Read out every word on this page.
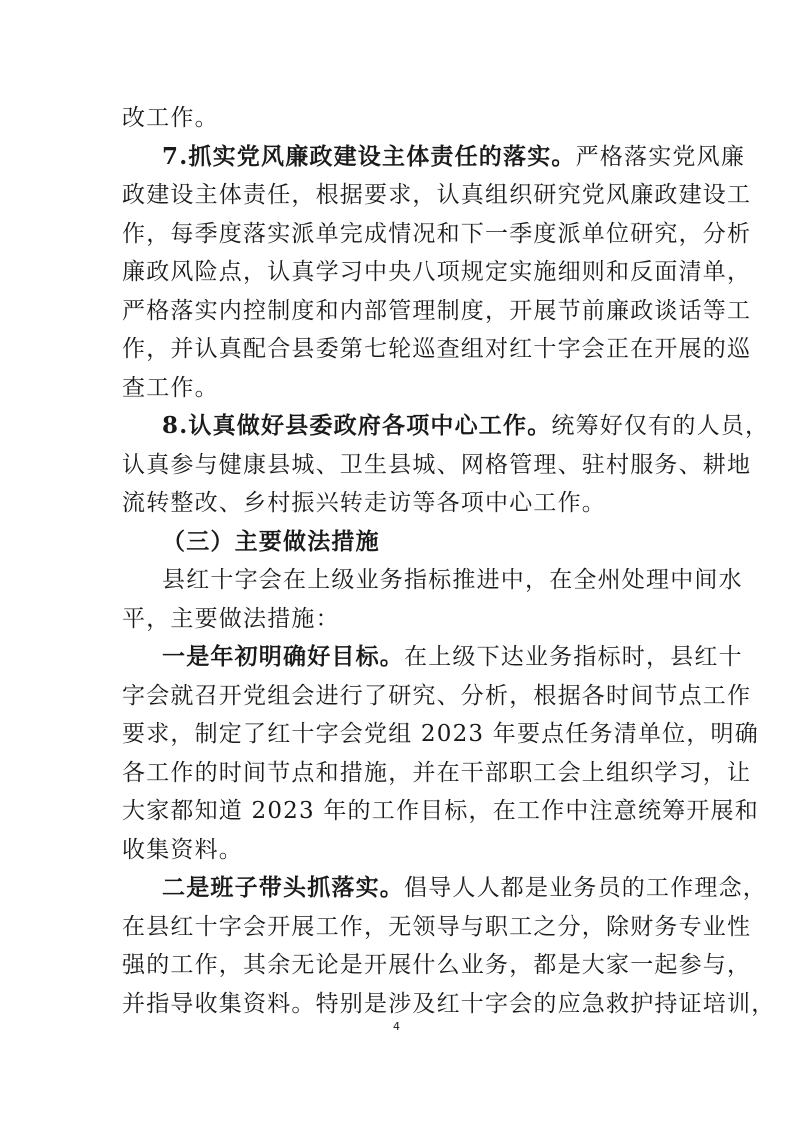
改工作。
7.抓实党风廉政建设主体责任的落实。严格落实党风廉
政建设主体责任，根据要求，认真组织研究党风廉政建设工
作，每季度落实派单完成情况和下一季度派单位研究，分析
廉政风险点，认真学习中央八项规定实施细则和反面清单，
严格落实内控制度和内部管理制度，开展节前廉政谈话等工
作，并认真配合县委第七轮巡查组对红十字会正在开展的巡
查工作。
8.认真做好县委政府各项中心工作。统筹好仅有的人员，
认真参与健康县城、卫生县城、网格管理、驻村服务、耕地
流转整改、乡村振兴转走访等各项中心工作。
（三）主要做法措施
县红十字会在上级业务指标推进中，在全州处理中间水
平，主要做法措施：
一是年初明确好目标。在上级下达业务指标时，县红十
字会就召开党组会进行了研究、分析，根据各时间节点工作
要求，制定了红十字会党组 2023 年要点任务清单位，明确
各工作的时间节点和措施，并在干部职工会上组织学习，让
大家都知道 2023 年的工作目标，在工作中注意统筹开展和
收集资料。
二是班子带头抓落实。倡导人人都是业务员的工作理念，
4
在县红十字会开展工作，无领导与职工之分，除财务专业性
强的工作，其余无论是开展什么业务，都是大家一起参与，
并指导收集资料。特别是涉及红十字会的应急救护持证培训，
